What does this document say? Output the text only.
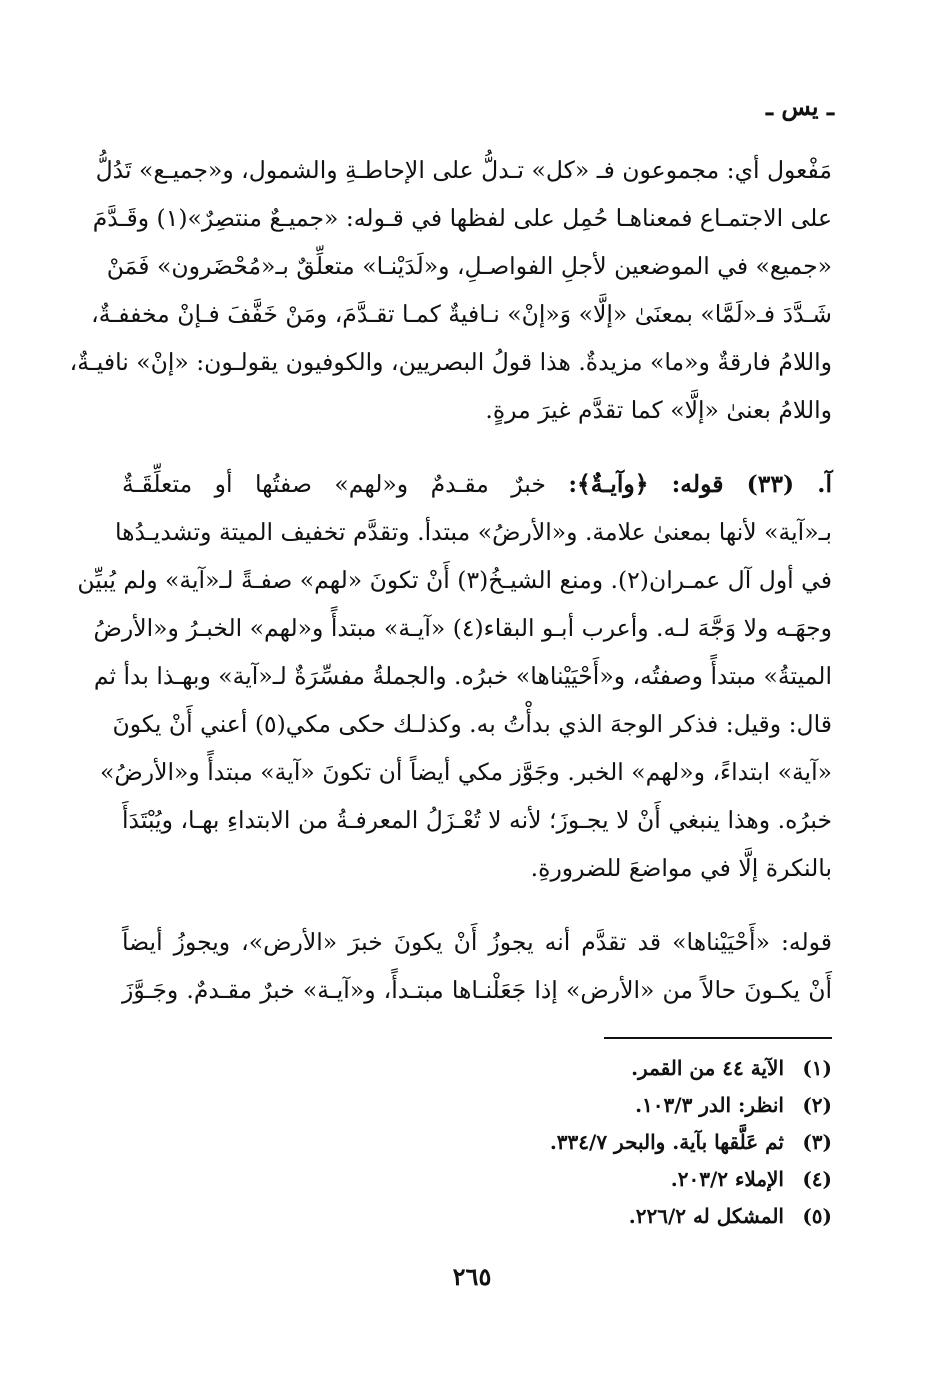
ـ يس ـ
مَفْعول أي: مجموعون فـ «كل» تـدلُّ على الإحاطـةِ والشمول، و«جميـع» تَدُلُّ
على الاجتمـاع فمعناهـا حُمِل على لفظها في قـوله: «جميـعٌ منتصِرٌ»(١) وقَـدَّمَ
«جميع» في الموضعين لأجلِ الفواصـلِ، و«لَدَيْنـا» متعلِّقٌ بـ«مُحْضَرون» فَمَنْ
شَـدَّدَ فـ«لَمَّا» بمعنَىٰ «إلَّا» وَ«إنْ» نـافيةٌ كمـا تقـدَّمَ، ومَنْ خَفَّفَ فـإنْ مخففـةٌ،
واللامُ فارقةٌ و«ما» مزيدةٌ. هذا قولُ البصريين، والكوفيون يقولـون: «إنْ» نافيـةٌ،
واللامُ بعنىٰ «إلَّا» كما تقدَّم غيرَ مرةٍ.
آ. (٣٣) قوله: ﴿وآيـةٌ﴾: خبرٌ مقـدمٌ و«لهم» صفتُها أو متعلِّقَـةٌ
بـ«آية» لأنها بمعنىٰ علامة. و«الأرضُ» مبتدأ. وتقدَّم تخفيف الميتة وتشديـدُها
في أول آل عمـران(٢). ومنع الشيـخُ(٣) أَنْ تكونَ «لهم» صفـةً لـ«آية» ولم يُبيِّن
وجهَـه ولا وَجَّهَ لـه. وأعرب أبـو البقاء(٤) «آيـة» مبتدأً و«لهم» الخبـرُ و«الأرضُ
الميتةُ» مبتدأً وصفتُه، و«أَحْيَيْناها» خبرُه. والجملةُ مفسِّرَةٌ لـ«آية» وبهـذا بدأ ثم
قال: وقيل: فذكر الوجهَ الذي بدأْتُ به. وكذلـك حكى مكي(٥) أعني أَنْ يكونَ
«آية» ابتداءً، و«لهم» الخبر. وجَوَّز مكي أيضاً أن تكونَ «آية» مبتدأً و«الأرضُ»
خبرُه. وهذا ينبغي أَنْ لا يجـوزَ؛ لأنه لا تُعْـزَلُ المعرفـةُ من الابتداءِ بهـا، ويُبْتَدَأَ
بالنكرة إلَّا في مواضعَ للضرورةِ.
قوله: «أَحْيَيْناها» قد تقدَّم أنه يجوزُ أَنْ يكونَ خبرَ «الأرض»، ويجوزُ أيضاً
أَنْ يكـونَ حالاً من «الأرض» إذا جَعَلْنـاها مبتـدأً، و«آيـة» خبرٌ مقـدمٌ. وجَـوَّزَ
(١)الآية ٤٤ من القمر.
(٢)انظر: الدر ١٠٣/٣.
(٣)ثم عَلَّقها بآية. والبحر ٣٣٤/٧.
(٤)الإملاء ٢٠٣/٢.
(٥)المشكل له ٢٢٦/٢.
٢٦٥
